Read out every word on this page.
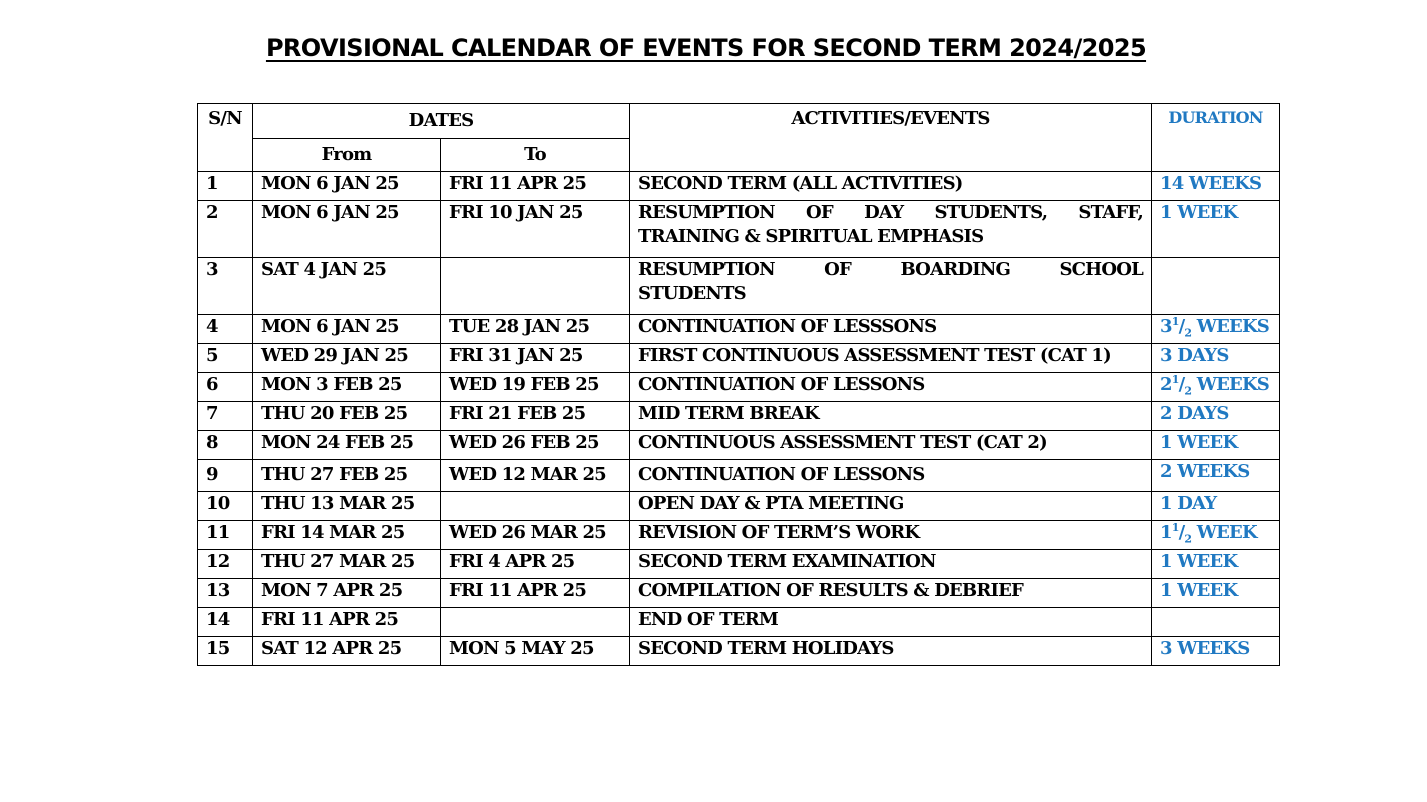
PROVISIONAL CALENDAR OF EVENTS FOR SECOND TERM 2024/2025
S/N	DATES		ACTIVITIES/EVENTS	DURATION
	From	To		
1	MON 6 JAN 25	FRI 11 APR 25	SECOND TERM (ALL ACTIVITIES)	14 WEEKS
2	MON 6 JAN 25	FRI 10 JAN 25	RESUMPTION OF DAY STUDENTS, STAFF,
TRAINING & SPIRITUAL EMPHASIS	1 WEEK
3	SAT 4 JAN 25		RESUMPTION OF BOARDING SCHOOL
STUDENTS	
4	MON 6 JAN 25	TUE 28 JAN 25	CONTINUATION OF LESSSONS	$3^1/_2$ WEEKS
5	WED 29 JAN 25	FRI 31 JAN 25	FIRST CONTINUOUS ASSESSMENT TEST (CAT 1)	3 DAYS
6	MON 3 FEB 25	WED 19 FEB 25	CONTINUATION OF LESSONS	$2^1/_2$ WEEKS
7	THU 20 FEB 25	FRI 21 FEB 25	MID TERM BREAK	2 DAYS
8	MON 24 FEB 25	WED 26 FEB 25	CONTINUOUS ASSESSMENT TEST (CAT 2)	1 WEEK
9	THU 27 FEB 25	WED 12 MAR 25	CONTINUATION OF LESSONS	2 WEEKS
10	THU 13 MAR 25		OPEN DAY & PTA MEETING	1 DAY
11	FRI 14 MAR 25	WED 26 MAR 25	REVISION OF TERM’S WORK	$1^1/_2$ WEEK
12	THU 27 MAR 25	FRI 4 APR 25	SECOND TERM EXAMINATION	1 WEEK
13	MON 7 APR 25	FRI 11 APR 25	COMPILATION OF RESULTS & DEBRIEF	1 WEEK
14	FRI 11 APR 25		END OF TERM	
15	SAT 12 APR 25	MON 5 MAY 25	SECOND TERM HOLIDAYS	3 WEEKS
